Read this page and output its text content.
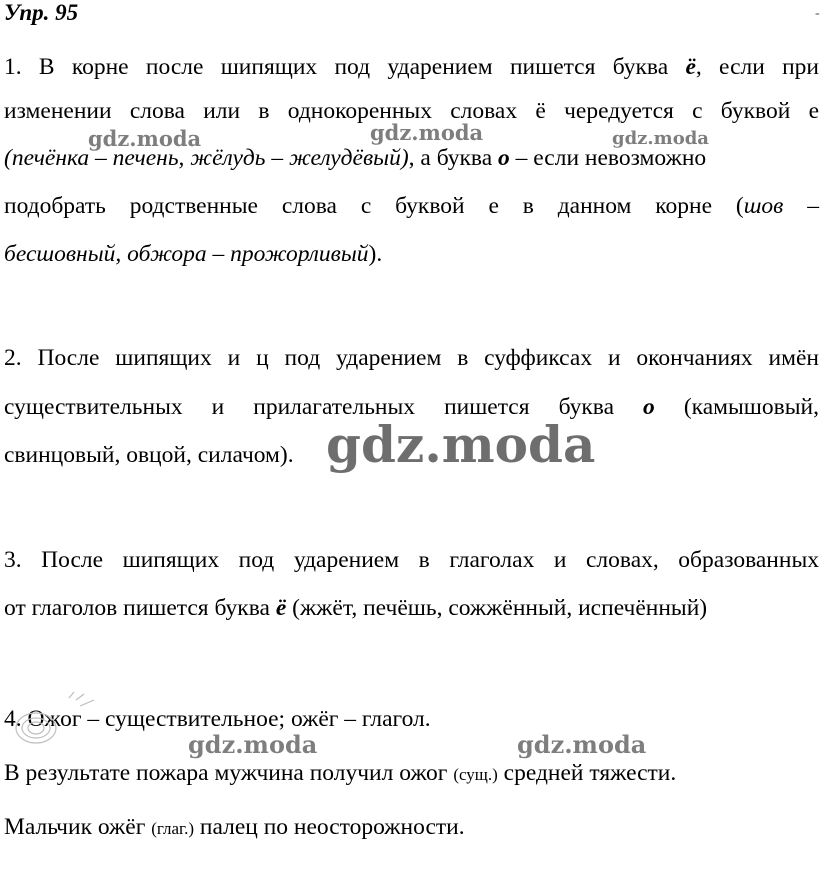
Упр. 95	-
1. В корне после шипящих под ударением пишется буква ё, если при
изменении слова или в однокоренных словах ё чередуется с буквой е
(печёнка – печень, жёлудь – желудёвый), а буква о – если невозможно
подобрать родственные слова с буквой е в данном корне (шов –
бесшовный, обжора – прожорливый).
2. После шипящих и ц под ударением в суффиксах и окончаниях имён
существительных и прилагательных пишется буква о (камышовый,
свинцовый, овцой, силачом).
3. После шипящих под ударением в глаголах и словах, образованных
от глаголов пишется буква ё (жжёт, печёшь, сожжённый, испечённый)
4. Ожог – существительное; ожёг – глагол.
В результате пожара мужчина получил ожог (сущ.) средней тяжести.
Мальчик ожёг (глаг.) палец по неосторожности.
gdz.moda	gdz.moda	gdz.moda
gdz.moda
gdz.moda	gdz.moda
